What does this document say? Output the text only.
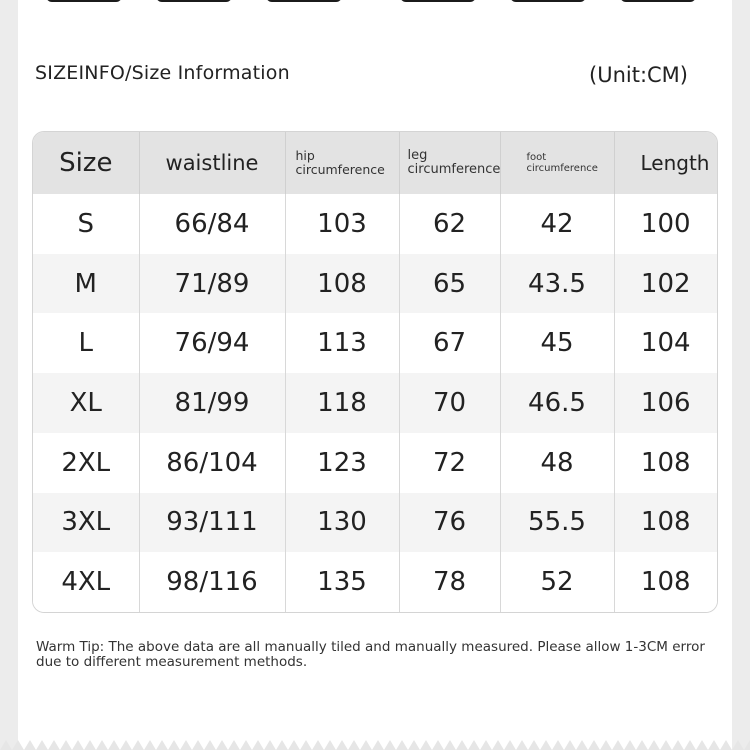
SIZEINFO/Size Information	(Unit:CM)
Size	waistline	hip circumference	leg circumference	foot circumference	Length
S	66/84	103	62	42	100
M	71/89	108	65	43.5	102
L	76/94	113	67	45	104
XL	81/99	118	70	46.5	106
2XL	86/104	123	72	48	108
3XL	93/111	130	76	55.5	108
4XL	98/116	135	78	52	108
Warm Tip: The above data are all manually tiled and manually measured. Please allow 1-3CM error due to different measurement methods.
